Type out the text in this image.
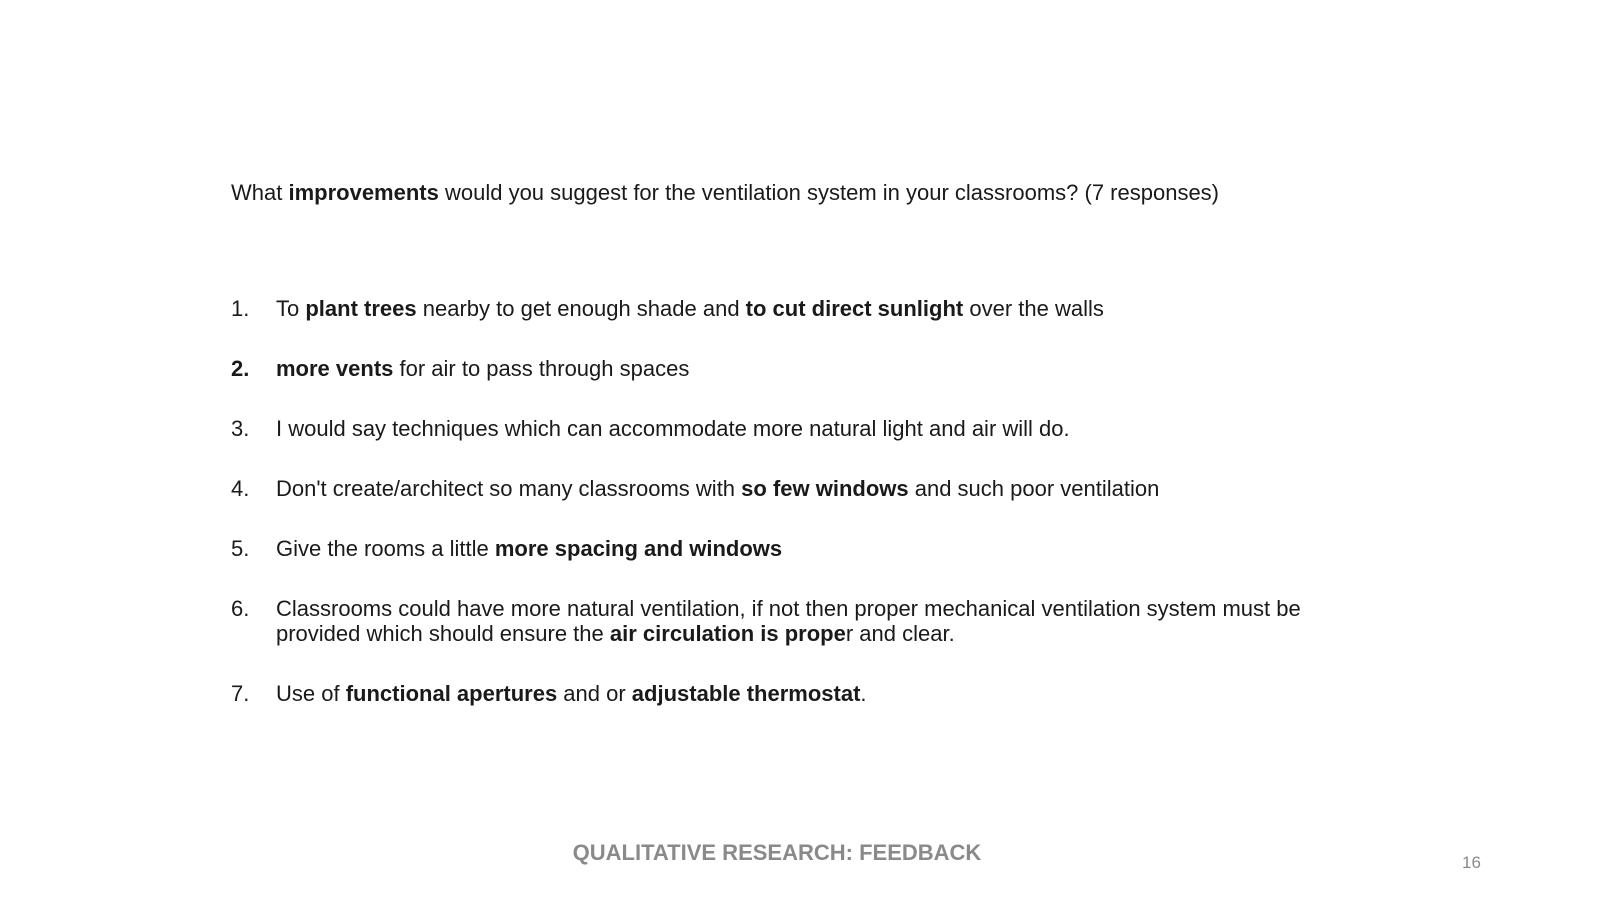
What improvements would you suggest for the ventilation system in your classrooms? (7 responses)
1.	To plant trees nearby to get enough shade and to cut direct sunlight over the walls
2.	more vents for air to pass through spaces
3.	I would say techniques which can accommodate more natural light and air will do.
4.	Don't create/architect so many classrooms with so few windows and such poor ventilation
5.	Give the rooms a little more spacing and windows
6.	Classrooms could have more natural ventilation, if not then proper mechanical ventilation system must be provided which should ensure the air circulation is proper and clear.
7.	Use of functional apertures and or adjustable thermostat.
QUALITATIVE RESEARCH: FEEDBACK	16
